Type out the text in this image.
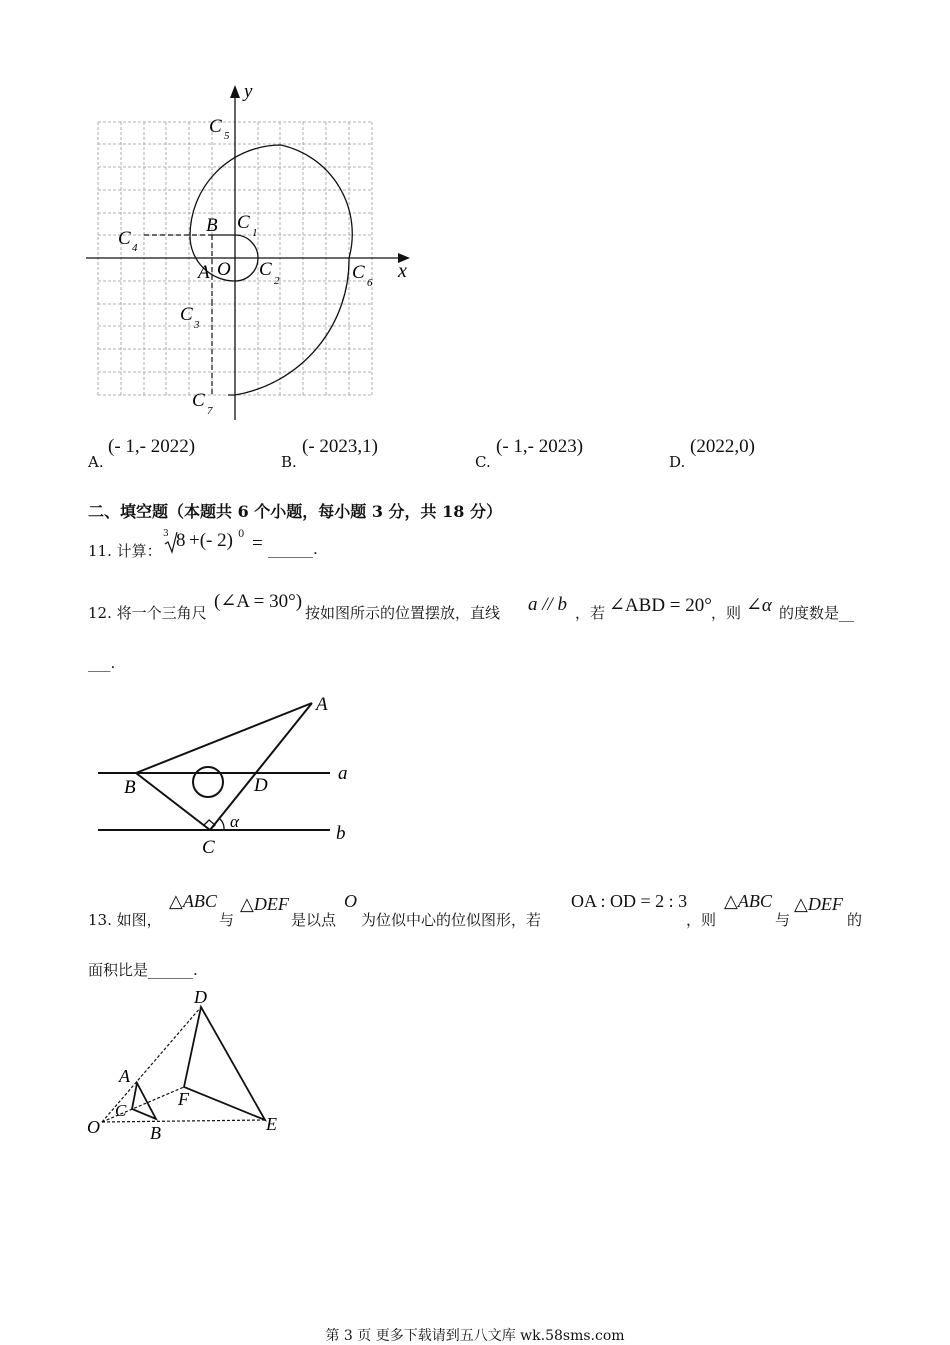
y
x
C 5
C 4
B C 1
A O C
2	C 6
C 3
C 7
A.
(- 1,- 2022)
B.
(- 2023,1)
C.
(- 1,- 2023)
D.
(2022,0)
二、填空题（本题共 6 个小题，每小题 3 分，共 18 分）
11. 计算：
3 8 +(- 2) 0 = ______.
12. 将一个三角尺
(∠A = 30°)
按如图所示的位置摆放，直线 a // b ，若 ∠ABD = 20° ，则 ∠α 的度数是__
___.
A
B	D
C
a
b
α
13. 如图，
△ABC
与
△DEF
是以点
O
为位似中心的位似图形，若
OA : OD = 2 : 3
，则
△ABC
与
△DEF
的
面积比是______.
D
F
E
A
C
B
O
第 3 页 更多下载请到五八文库 wk.58sms.com
